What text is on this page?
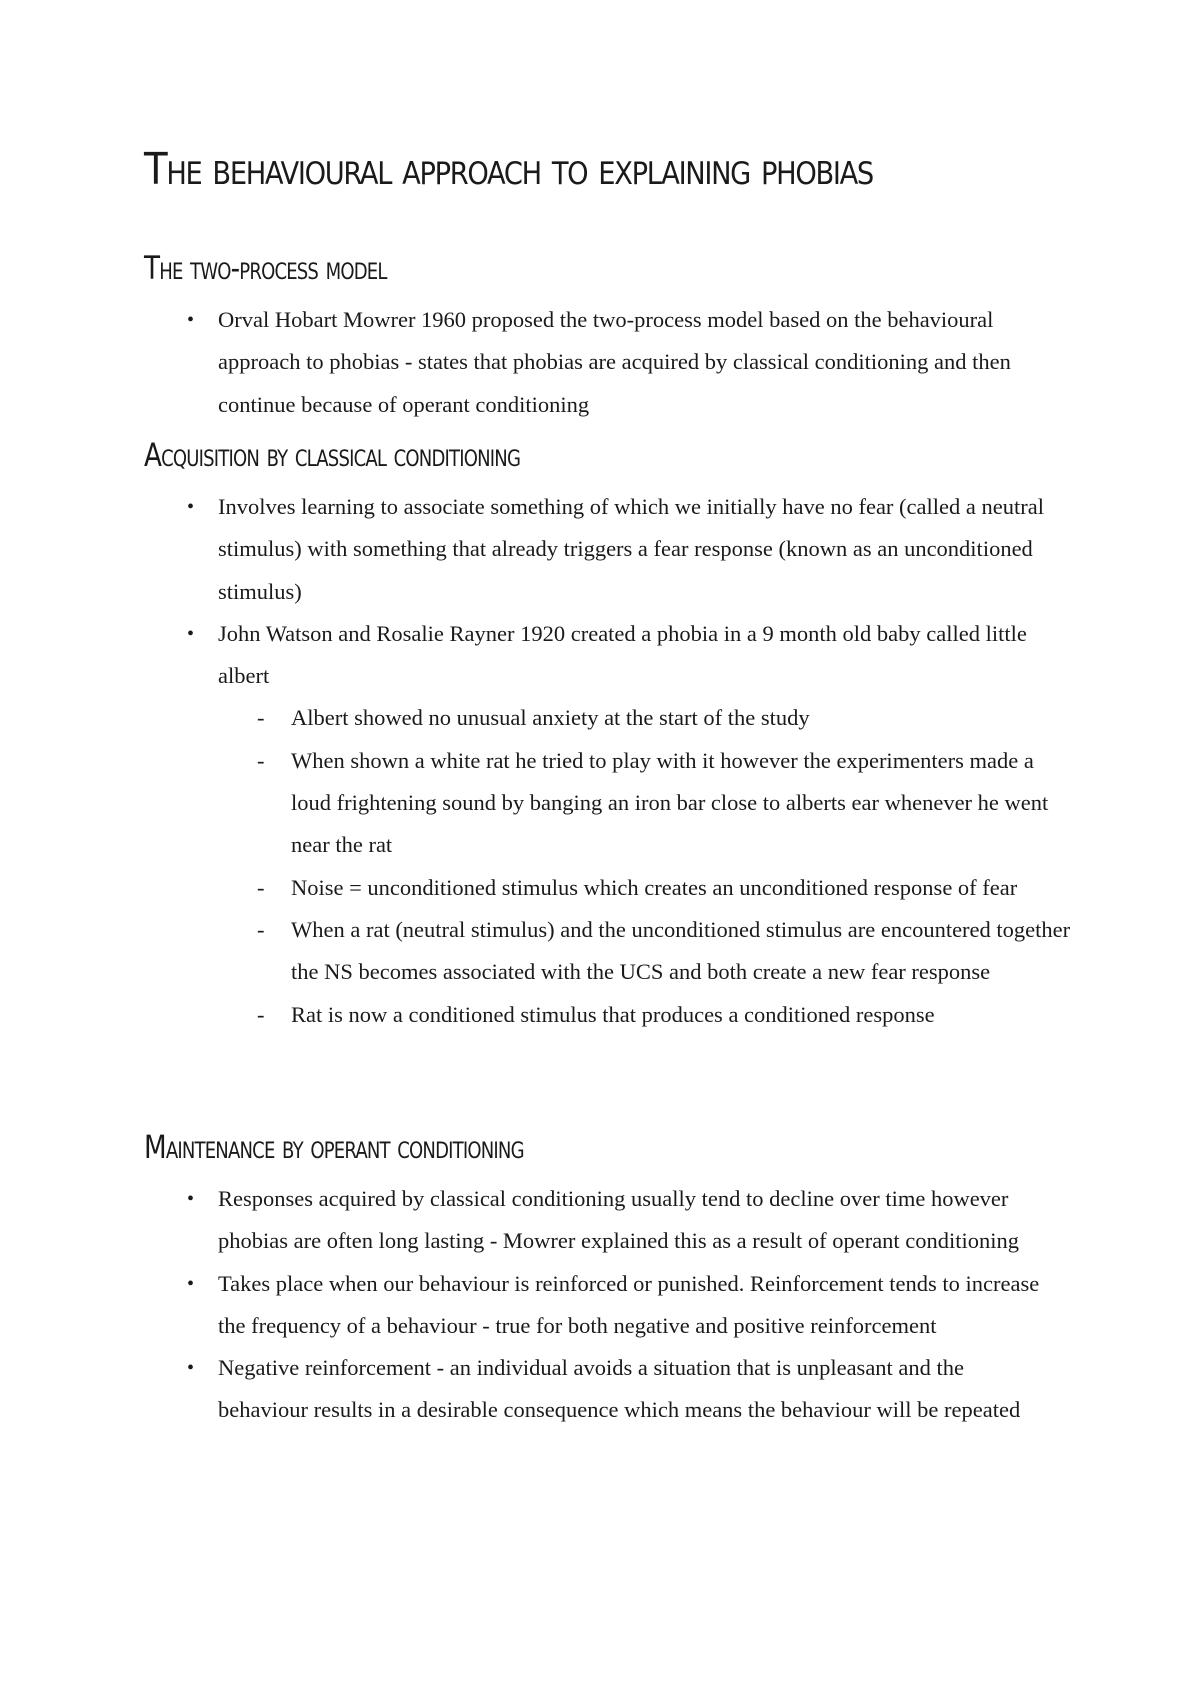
The behavioural approach to explaining phobias
The two-process model
• Orval Hobart Mowrer 1960 proposed the two-process model based on the behavioural approach to phobias - states that phobias are acquired by classical conditioning and then continue because of operant conditioning
Acquisition by classical conditioning
• Involves learning to associate something of which we initially have no fear (called a neutral stimulus) with something that already triggers a fear response (known as an unconditioned stimulus)
• John Watson and Rosalie Rayner 1920 created a phobia in a 9 month old baby called little albert
- Albert showed no unusual anxiety at the start of the study
- When shown a white rat he tried to play with it however the experimenters made a loud frightening sound by banging an iron bar close to alberts ear whenever he went near the rat
- Noise = unconditioned stimulus which creates an unconditioned response of fear
- When a rat (neutral stimulus) and the unconditioned stimulus are encountered together the NS becomes associated with the UCS and both create a new fear response
- Rat is now a conditioned stimulus that produces a conditioned response
Maintenance by operant conditioning
• Responses acquired by classical conditioning usually tend to decline over time however phobias are often long lasting - Mowrer explained this as a result of operant conditioning
• Takes place when our behaviour is reinforced or punished. Reinforcement tends to increase the frequency of a behaviour - true for both negative and positive reinforcement
• Negative reinforcement - an individual avoids a situation that is unpleasant and the behaviour results in a desirable consequence which means the behaviour will be repeated
